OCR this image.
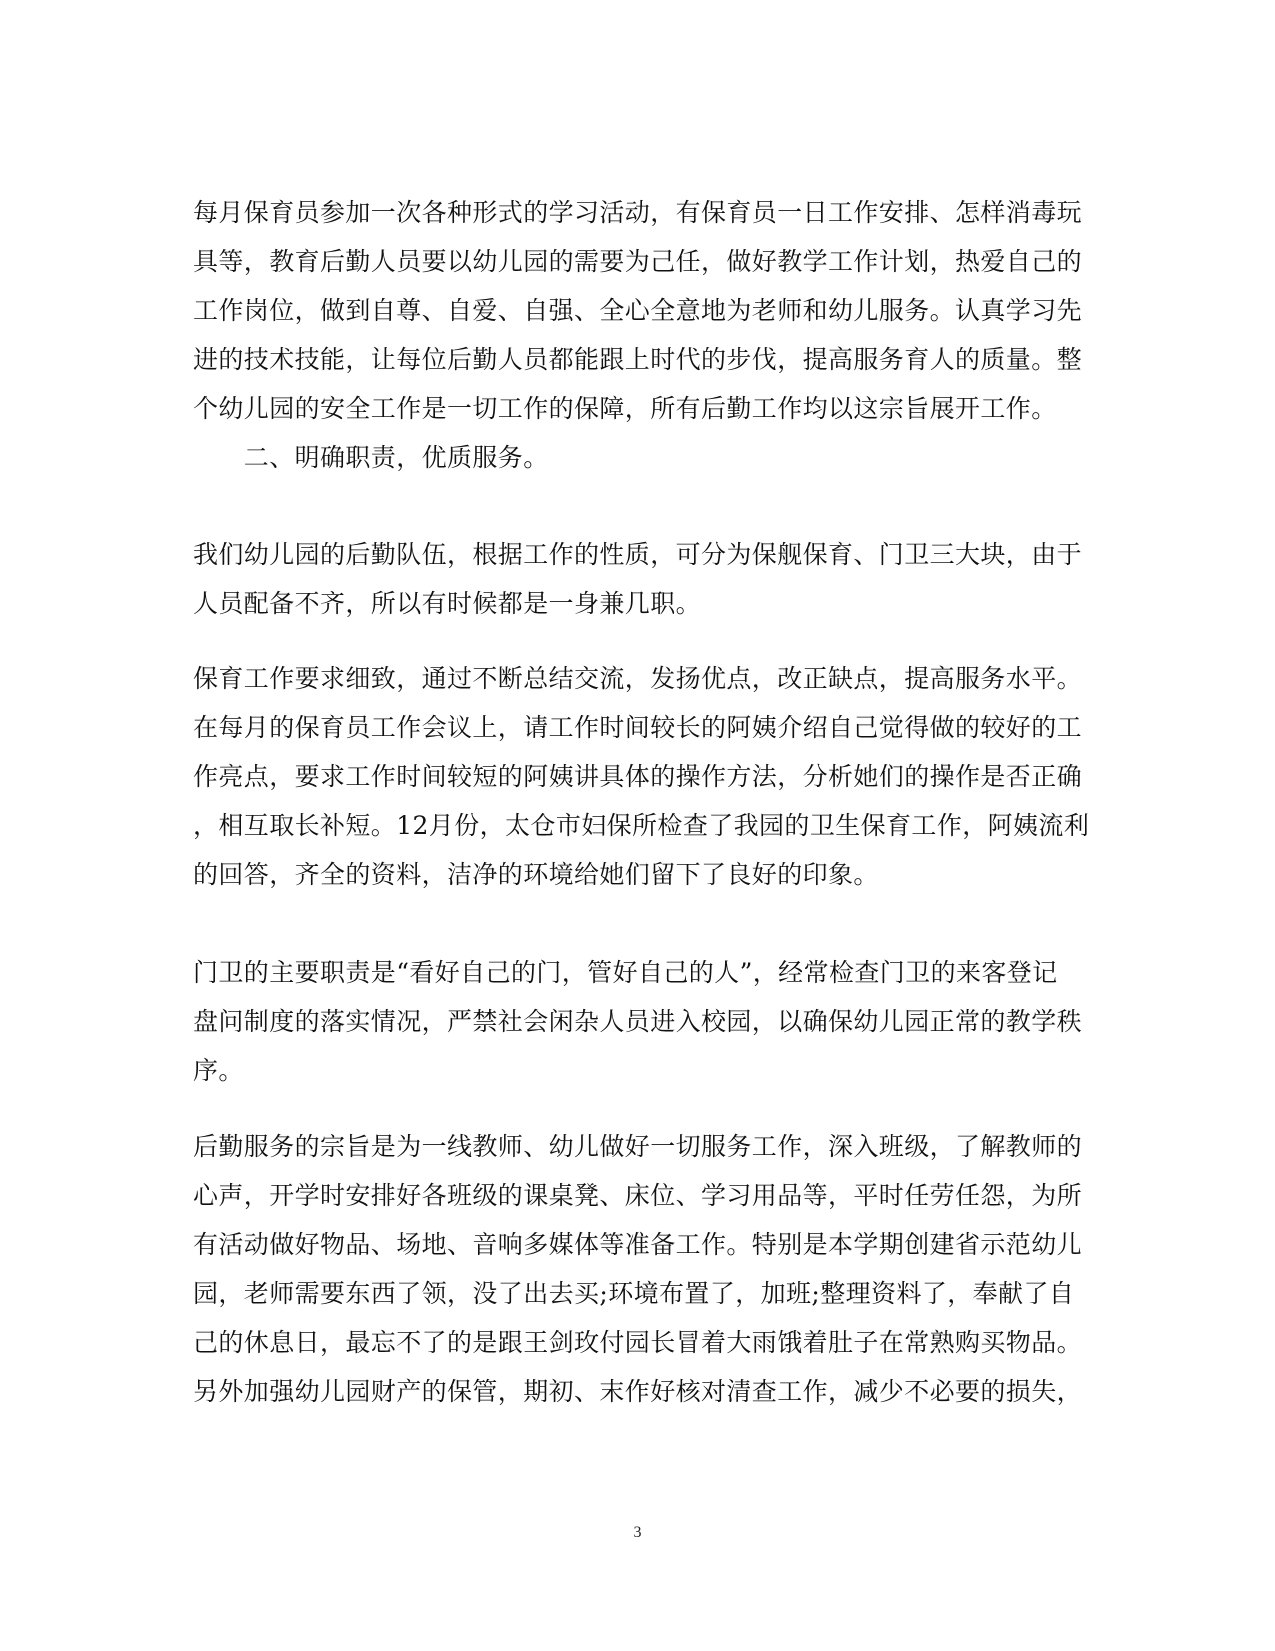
每月保育员参加一次各种形式的学习活动，有保育员一日工作安排、怎样消毒玩
具等，教育后勤人员要以幼儿园的需要为己任，做好教学工作计划，热爱自己的
工作岗位，做到自尊、自爱、自强、全心全意地为老师和幼儿服务。认真学习先
进的技术技能，让每位后勤人员都能跟上时代的步伐，提高服务育人的质量。整
个幼儿园的安全工作是一切工作的保障，所有后勤工作均以这宗旨展开工作。
　　二、明确职责，优质服务。
我们幼儿园的后勤队伍，根据工作的性质，可分为保舰保育、门卫三大块，由于
人员配备不齐，所以有时候都是一身兼几职。
保育工作要求细致，通过不断总结交流，发扬优点，改正缺点，提高服务水平。
在每月的保育员工作会议上，请工作时间较长的阿姨介绍自己觉得做的较好的工
作亮点，要求工作时间较短的阿姨讲具体的操作方法，分析她们的操作是否正确
，相互取长补短。12月份，太仓市妇保所检查了我园的卫生保育工作，阿姨流利
的回答，齐全的资料，洁净的环境给她们留下了良好的印象。
门卫的主要职责是“看好自己的门，管好自己的人”，经常检查门卫的来客登记
盘问制度的落实情况，严禁社会闲杂人员进入校园，以确保幼儿园正常的教学秩
序。
后勤服务的宗旨是为一线教师、幼儿做好一切服务工作，深入班级，了解教师的
心声，开学时安排好各班级的课桌凳、床位、学习用品等，平时任劳任怨，为所
有活动做好物品、场地、音响多媒体等准备工作。特别是本学期创建省示范幼儿
园，老师需要东西了领，没了出去买;环境布置了，加班;整理资料了，奉献了自
己的休息日，最忘不了的是跟王剑玫付园长冒着大雨饿着肚子在常熟购买物品。
另外加强幼儿园财产的保管，期初、末作好核对清查工作，减少不必要的损失，
3
